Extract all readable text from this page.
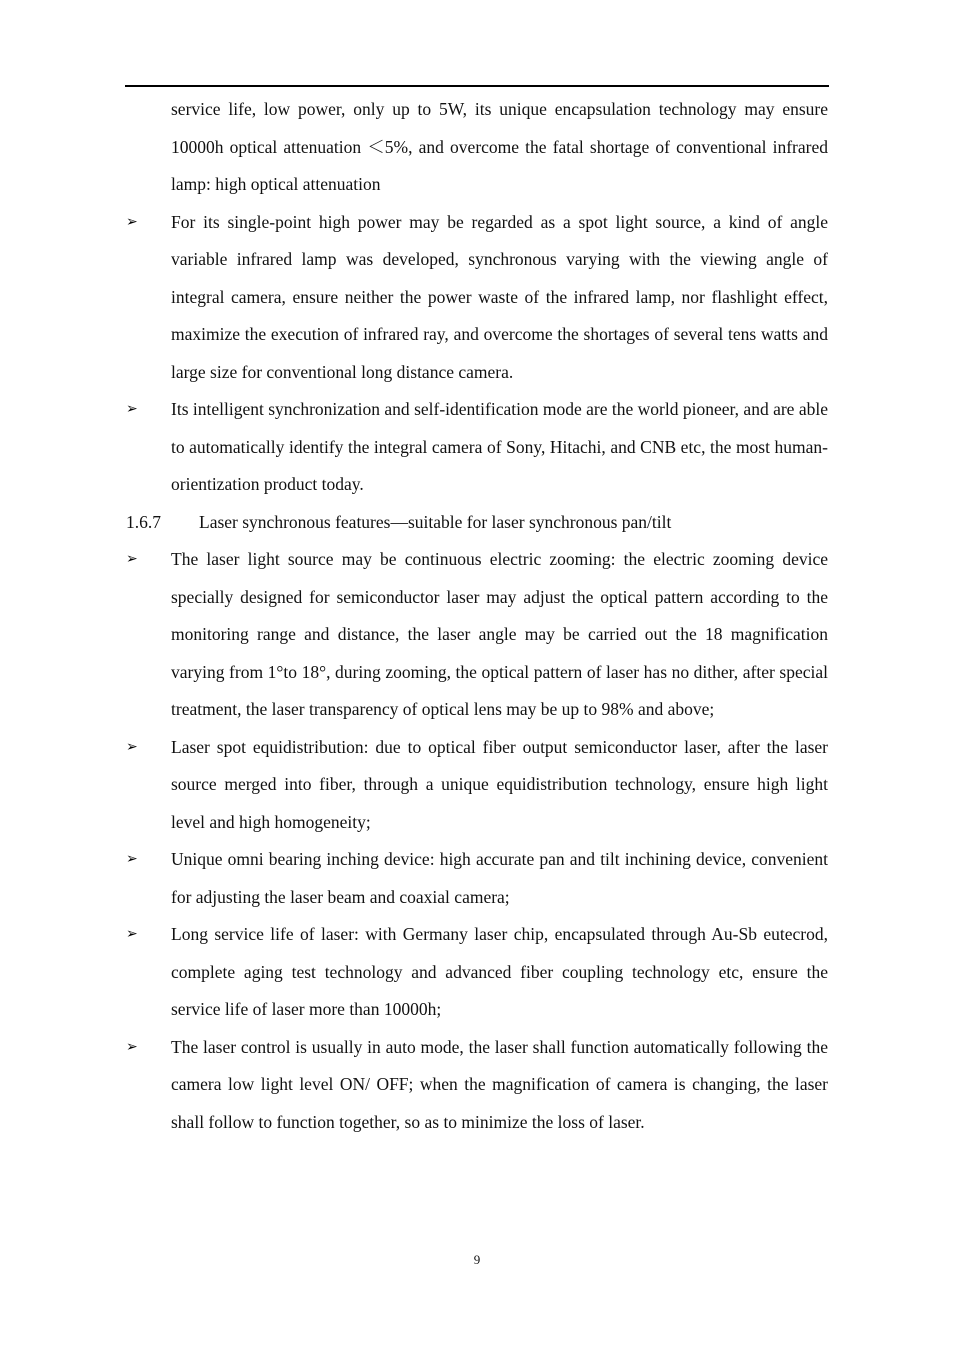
service life, low power, only up to 5W, its unique encapsulation technology may ensure 10000h optical attenuation ＜5%, and overcome the fatal shortage of conventional infrared lamp: high optical attenuation

➢	For its single-point high power may be regarded as a spot light source, a kind of angle variable infrared lamp was developed, synchronous varying with the viewing angle of integral camera, ensure neither the power waste of the infrared lamp, nor flashlight effect, maximize the execution of infrared ray, and overcome the shortages of several tens watts and large size for conventional long distance camera.

➢	Its intelligent synchronization and self-identification mode are the world pioneer, and are able to automatically identify the integral camera of Sony, Hitachi, and CNB etc, the most human-orientization product today.

1.6.7 Laser synchronous features—suitable for laser synchronous pan/tilt

➢	The laser light source may be continuous electric zooming: the electric zooming device specially designed for semiconductor laser may adjust the optical pattern according to the monitoring range and distance, the laser angle may be carried out the 18 magnification varying from 1°to 18°, during zooming, the optical pattern of laser has no dither, after special treatment, the laser transparency of optical lens may be up to 98% and above;

➢	Laser spot equidistribution: due to optical fiber output semiconductor laser, after the laser source merged into fiber, through a unique equidistribution technology, ensure high light level and high homogeneity;

➢	Unique omni bearing inching device: high accurate pan and tilt inchining device, convenient for adjusting the laser beam and coaxial camera;

➢	Long service life of laser: with Germany laser chip, encapsulated through Au-Sb eutecrod, complete aging test technology and advanced fiber coupling technology etc, ensure the service life of laser more than 10000h;

➢	The laser control is usually in auto mode, the laser shall function automatically following the camera low light level ON/ OFF; when the magnification of camera is changing, the laser shall follow to function together, so as to minimize the loss of laser.

9
